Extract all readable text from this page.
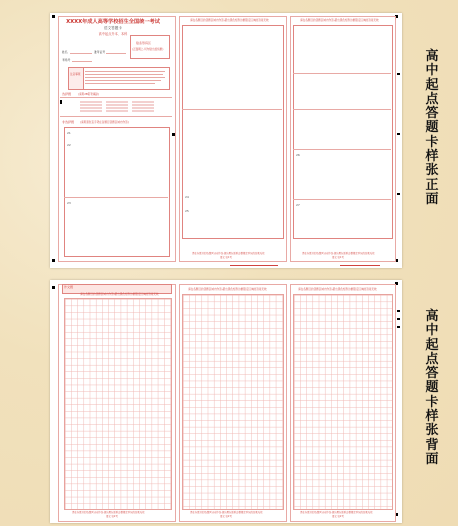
XXXX年成人高等学校招生全国统一考试
语文答题卡
高中起点升本、本科
贴条形码区
(正面朝上,切勿贴出虚线框)
姓名	准考证号
考场号
注意事项
选择题	(请用2B铅笔填涂)
非选择题 (请用黑色签字笔在各题目答题区域内作答)
21
22
23
请在各题目的答题区域内作答,超出黑色矩形边框限定区域的答案无效
24
25
请在各题目的答题区域内作答,超出黑色矩形边框限定区域的答案无效
语文 第1页
请在各题目的答题区域内作答,超出黑色矩形边框限定区域的答案无效
26
27
请在各题目的答题区域内作答,超出黑色矩形边框限定区域的答案无效
语文 第1页
作文题
请在各题目的答题区域内作答,超出黑色矩形边框限定区域的答案无效
请在各题目的答题区域内作答,超出黑色矩形边框限定区域的答案无效
语文 第2页
请在各题目的答题区域内作答,超出黑色矩形边框限定区域的答案无效
请在各题目的答题区域内作答,超出黑色矩形边框限定区域的答案无效
语文 第2页
请在各题目的答题区域内作答,超出黑色矩形边框限定区域的答案无效
请在各题目的答题区域内作答,超出黑色矩形边框限定区域的答案无效
语文 第2页
高中起点答题卡样张正面
高中起点答题卡样张背面
